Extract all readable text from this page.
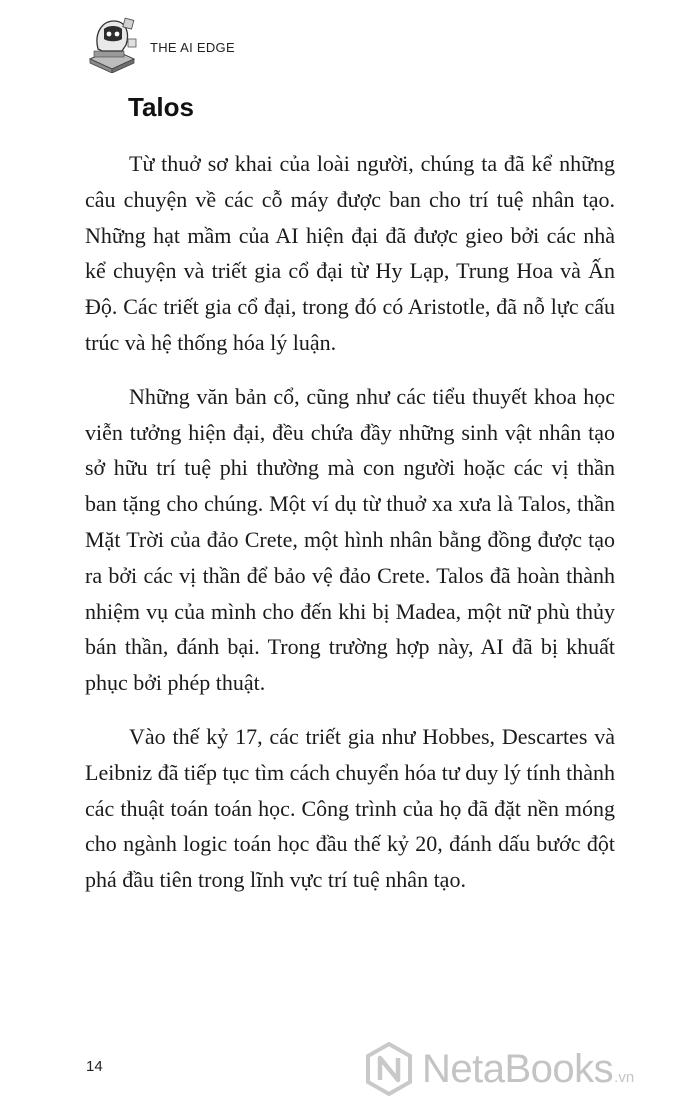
THE AI EDGE
Talos

Từ thuở sơ khai của loài người, chúng ta đã kể những câu chuyện về các cỗ máy được ban cho trí tuệ nhân tạo. Những hạt mầm của AI hiện đại đã được gieo bởi các nhà kể chuyện và triết gia cổ đại từ Hy Lạp, Trung Hoa và Ấn Độ. Các triết gia cổ đại, trong đó có Aristotle, đã nỗ lực cấu trúc và hệ thống hóa lý luận.

Những văn bản cổ, cũng như các tiểu thuyết khoa học viễn tưởng hiện đại, đều chứa đầy những sinh vật nhân tạo sở hữu trí tuệ phi thường mà con người hoặc các vị thần ban tặng cho chúng. Một ví dụ từ thuở xa xưa là Talos, thần Mặt Trời của đảo Crete, một hình nhân bằng đồng được tạo ra bởi các vị thần để bảo vệ đảo Crete. Talos đã hoàn thành nhiệm vụ của mình cho đến khi bị Madea, một nữ phù thủy bán thần, đánh bại. Trong trường hợp này, AI đã bị khuất phục bởi phép thuật.

Vào thế kỷ 17, các triết gia như Hobbes, Descartes và Leibniz đã tiếp tục tìm cách chuyển hóa tư duy lý tính thành các thuật toán toán học. Công trình của họ đã đặt nền móng cho ngành logic toán học đầu thế kỷ 20, đánh dấu bước đột phá đầu tiên trong lĩnh vực trí tuệ nhân tạo.

14	NetaBooks.vn
